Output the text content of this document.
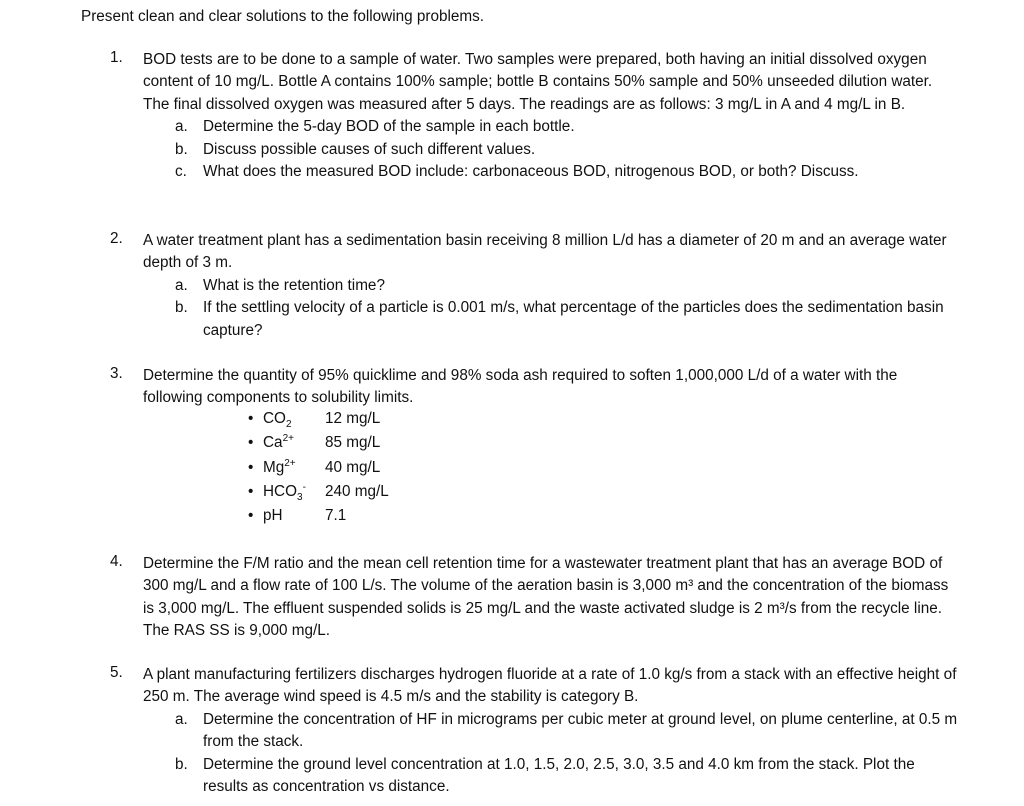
Present clean and clear solutions to the following problems.
1.	BOD tests are to be done to a sample of water. Two samples were prepared, both having an initial dissolved oxygen content of 10 mg/L. Bottle A contains 100% sample; bottle B contains 50% sample and 50% unseeded dilution water. The final dissolved oxygen was measured after 5 days. The readings are as follows: 3 mg/L in A and 4 mg/L in B.
a. Determine the 5-day BOD of the sample in each bottle.
b. Discuss possible causes of such different values.
c. What does the measured BOD include: carbonaceous BOD, nitrogenous BOD, or both? Discuss.
2.	A water treatment plant has a sedimentation basin receiving 8 million L/d has a diameter of 20 m and an average water depth of 3 m.
a. What is the retention time?
b. If the settling velocity of a particle is 0.001 m/s, what percentage of the particles does the sedimentation basin capture?
3.	Determine the quantity of 95% quicklime and 98% soda ash required to soften 1,000,000 L/d of a water with the following components to solubility limits.
• $CO_2$ 12 mg/L
• $Ca^{2+}$ 85 mg/L
• $Mg^{2+}$ 40 mg/L
• $HCO_3^-$ 240 mg/L
• pH	7.1
4.	Determine the F/M ratio and the mean cell retention time for a wastewater treatment plant that has an average BOD of 300 mg/L and a flow rate of 100 L/s. The volume of the aeration basin is 3,000 m³ and the concentration of the biomass is 3,000 mg/L. The effluent suspended solids is 25 mg/L and the waste activated sludge is 2 m³/s from the recycle line. The RAS SS is 9,000 mg/L.
5.	A plant manufacturing fertilizers discharges hydrogen fluoride at a rate of 1.0 kg/s from a stack with an effective height of 250 m. The average wind speed is 4.5 m/s and the stability is category B.
a. Determine the concentration of HF in micrograms per cubic meter at ground level, on plume centerline, at 0.5 m from the stack.
b. Determine the ground level concentration at 1.0, 1.5, 2.0, 2.5, 3.0, 3.5 and 4.0 km from the stack. Plot the results as concentration vs distance.
